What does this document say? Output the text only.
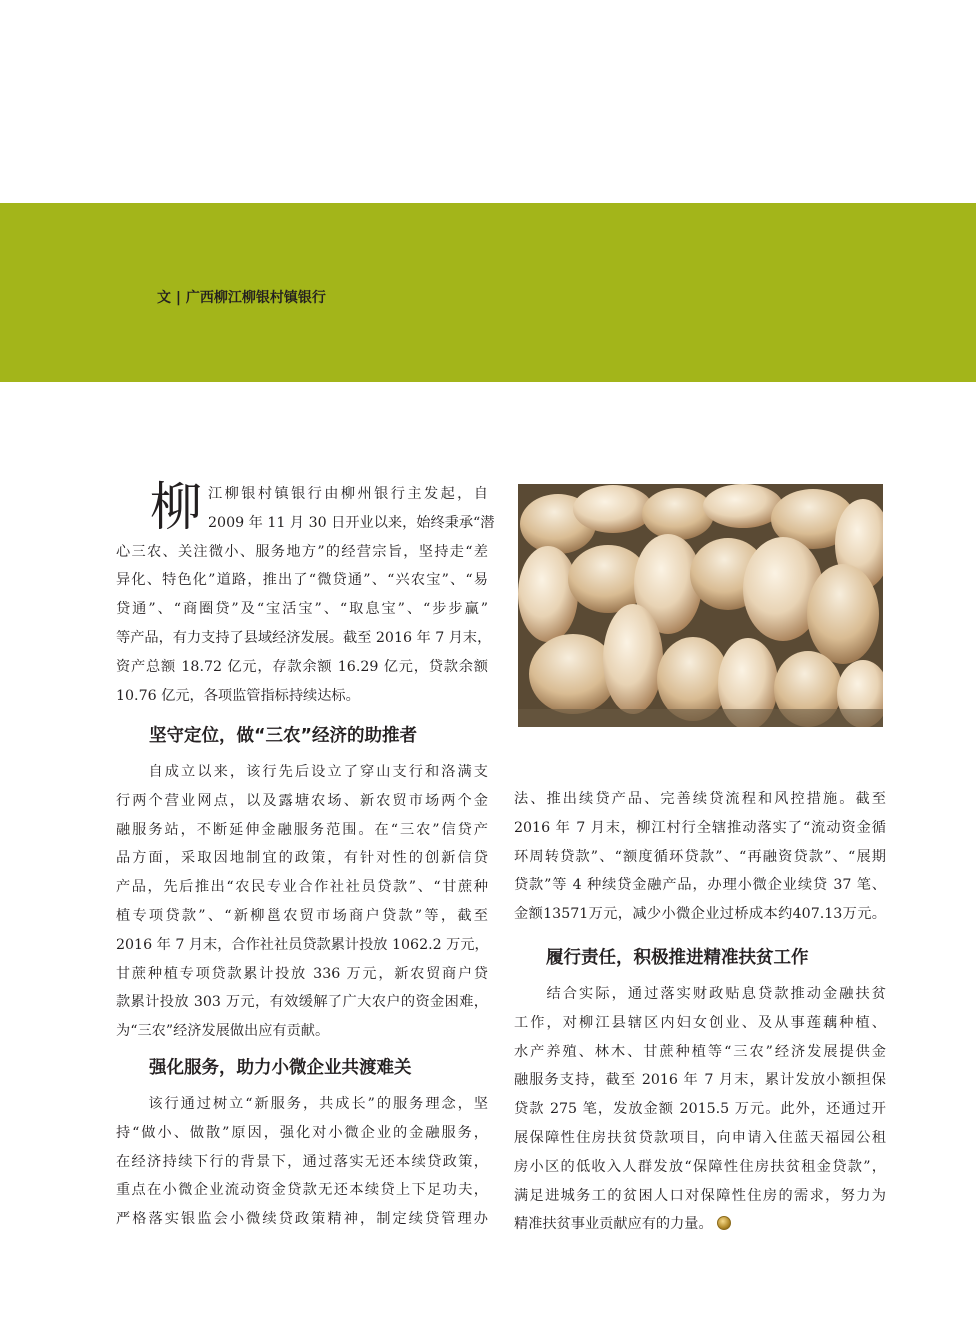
文 | 广西柳江柳银村镇银行

柳 江柳银村镇银行由柳州银行主发起，自
2009 年 11 月 30 日开业以来，始终秉承“潜
心三农、关注微小、服务地方”的经营宗旨，坚持走“差
异化、特色化”道路，推出了“微贷通”、“兴农宝”、“易
贷通”、“商圈贷”及“宝活宝”、“取息宝”、“步步赢”
等产品，有力支持了县域经济发展。截至 2016 年 7 月末，
资产总额 18.72 亿元，存款余额 16.29 亿元，贷款余额
10.76 亿元，各项监管指标持续达标。

坚守定位，做“三农”经济的助推者

　　自成立以来，该行先后设立了穿山支行和洛满支
行两个营业网点，以及露塘农场、新农贸市场两个金
融服务站，不断延伸金融服务范围。在“三农”信贷产
品方面，采取因地制宜的政策，有针对性的创新信贷
产品，先后推出“农民专业合作社社员贷款”、“甘蔗种
植专项贷款”、“新柳邕农贸市场商户贷款”等，截至
2016 年 7 月末，合作社社员贷款累计投放 1062.2 万元，
甘蔗种植专项贷款累计投放 336 万元，新农贸商户贷
款累计投放 303 万元，有效缓解了广大农户的资金困难，
为“三农”经济发展做出应有贡献。

强化服务，助力小微企业共渡难关

　　该行通过树立“新服务，共成长”的服务理念，坚
持“做小、做散”原因，强化对小微企业的金融服务，
在经济持续下行的背景下，通过落实无还本续贷政策，
重点在小微企业流动资金贷款无还本续贷上下足功夫，
严格落实银监会小微续贷政策精神，制定续贷管理办

法、推出续贷产品、完善续贷流程和风控措施。截至
2016 年 7 月末，柳江村行全辖推动落实了“流动资金循
环周转贷款”、“额度循环贷款”、“再融资贷款”、“展期
贷款”等 4 种续贷金融产品，办理小微企业续贷 37 笔、
金额13571万元，减少小微企业过桥成本约407.13万元。

履行责任，积极推进精准扶贫工作

　　结合实际，通过落实财政贴息贷款推动金融扶贫
工作，对柳江县辖区内妇女创业、及从事莲藕种植、
水产养殖、林木、甘蔗种植等“三农”经济发展提供金
融服务支持，截至 2016 年 7 月末，累计发放小额担保
贷款 275 笔，发放金额 2015.5 万元。此外，还通过开
展保障性住房扶贫贷款项目，向申请入住蓝天福园公租
房小区的低收入人群发放“保障性住房扶贫租金贷款”，
满足进城务工的贫困人口对保障性住房的需求，努力为
精准扶贫事业贡献应有的力量。
